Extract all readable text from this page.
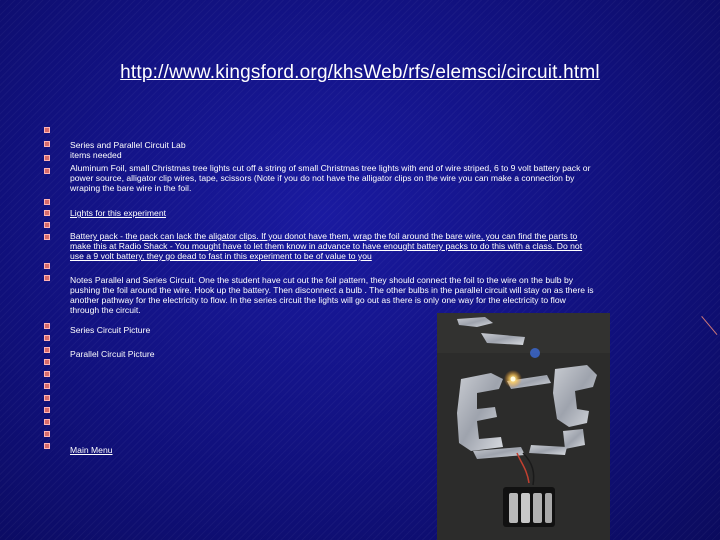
http://www.kingsford.org/khsWeb/rfs/elemsci/circuit.html
Series and Parallel Circuit Lab
items needed
Aluminum Foil, small Christmas tree lights cut off a string of small Christmas tree lights with end of wire striped, 6 to 9 volt battery pack or
power source, alligator clip wires, tape, scissors (Note if you do not have the alligator clips on the wire you can make a connection by
wraping the bare wire in the foil.
Lights for this experiment
Battery pack - the pack can lack the aligator clips. If you donot have them, wrap the foil around the bare wire, you can find the parts to
make this at Radio Shack - You mought have to let them know in advance to have enought battery packs to do this with a class. Do not
use a 9 volt battery, they go dead to fast in this experiment to be of value to you
Notes Parallel and Series Circuit. One the student have cut out the foil pattern, they should connect the foil to the wire on the bulb by
pushing the foil around the wire. Hook up the battery. Then disconnect a bulb . The other bulbs in the parallel circuit will stay on as there is
another pathway for the electricity to flow. In the series circuit the lights will go out as there is only one way for the electricity to flow
through the circuit.
Series Circuit Picture
Parallel Circuit Picture
Main Menu
